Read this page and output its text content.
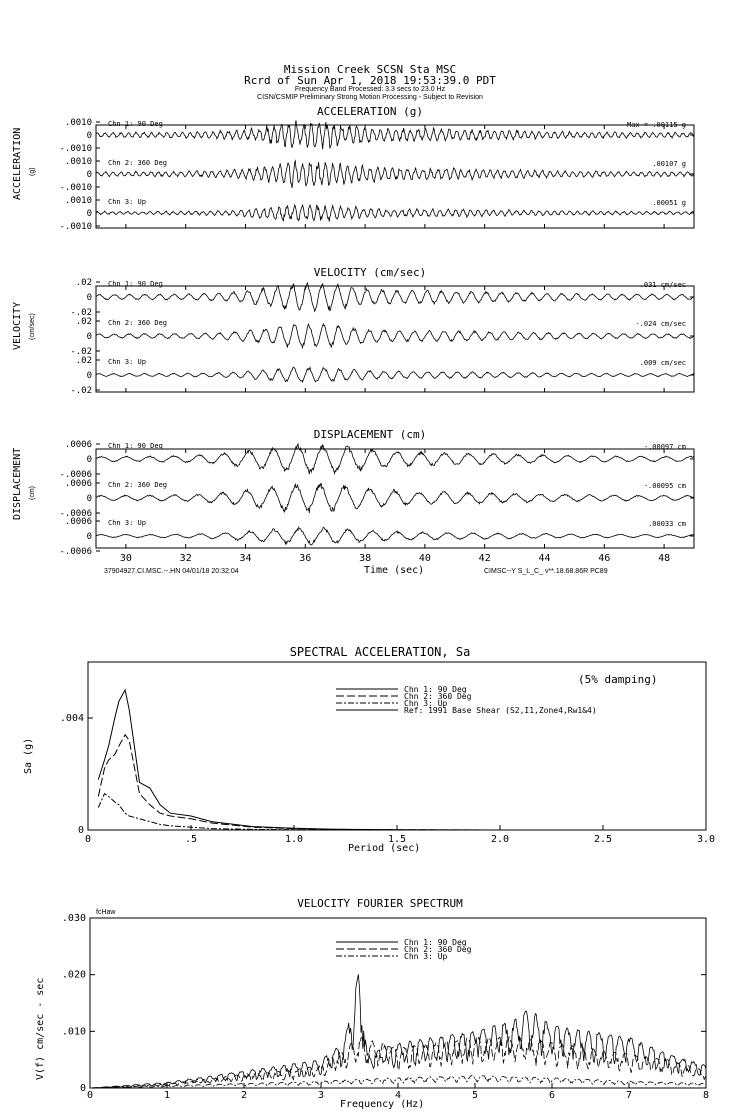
Mission Creek SCSN Sta MSC
Rcrd of Sun Apr 1, 2018 19:53:39.0 PDT
Frequency Band Processed: 3.3 secs to 23.0 Hz
CISN/CSMIP Preliminary Strong Motion Processing - Subject to Revision
ACCELERATION (g)
VELOCITY (cm/sec)
DISPLACEMENT (cm)
ACCELERATION (g)
VELOCITY (cm/sec)
DISPLACEMENT (cm)
Time (sec)
37904927.CI.MSC.--.HN 04/01/18 20:32:04	CIMSC--Y S_L_C_ v**.18.68.86R PC89
SPECTRAL ACCELERATION, Sa
(5% damping)
Sa (g)
Period (sec)
VELOCITY FOURIER SPECTRUM
fcHaw
V(f) cm/sec - sec
Frequency (Hz)
.0010
0
-.0010
Chn 1: 90 Deg	Max = .00115 g
.0010
0
-.0010
Chn 2: 360 Deg	.00107 g
.0010
0
-.0010
Chn 3: Up	.00051 g
.02
0
-.02
Chn 1: 90 Deg	.031 cm/sec
.02
0
-.02
Chn 2: 360 Deg	-.024 cm/sec
.02
0
-.02
Chn 3: Up	.009 cm/sec
.0006
0
-.0006
Chn 1: 90 Deg	-.00097 cm
.0006
0
-.0006
Chn 2: 360 Deg	-.00095 cm
.0006
0
-.0006
Chn 3: Up	.00033 cm
30	32	34	36	38	40	42	44	46	48
0	.5	1.0	1.5	2.0	2.5	3.0
0
.004
Chn 1: 90 Deg
Chn 2: 360 Deg
Chn 3: Up
Ref: 1991 Base Shear (S2,I1,Zone4,Rw1&4)
0	1	2	3	4	5	6	7	8
0
.010
.020
.030
Chn 1: 90 Deg
Chn 2: 360 Deg
Chn 3: Up
